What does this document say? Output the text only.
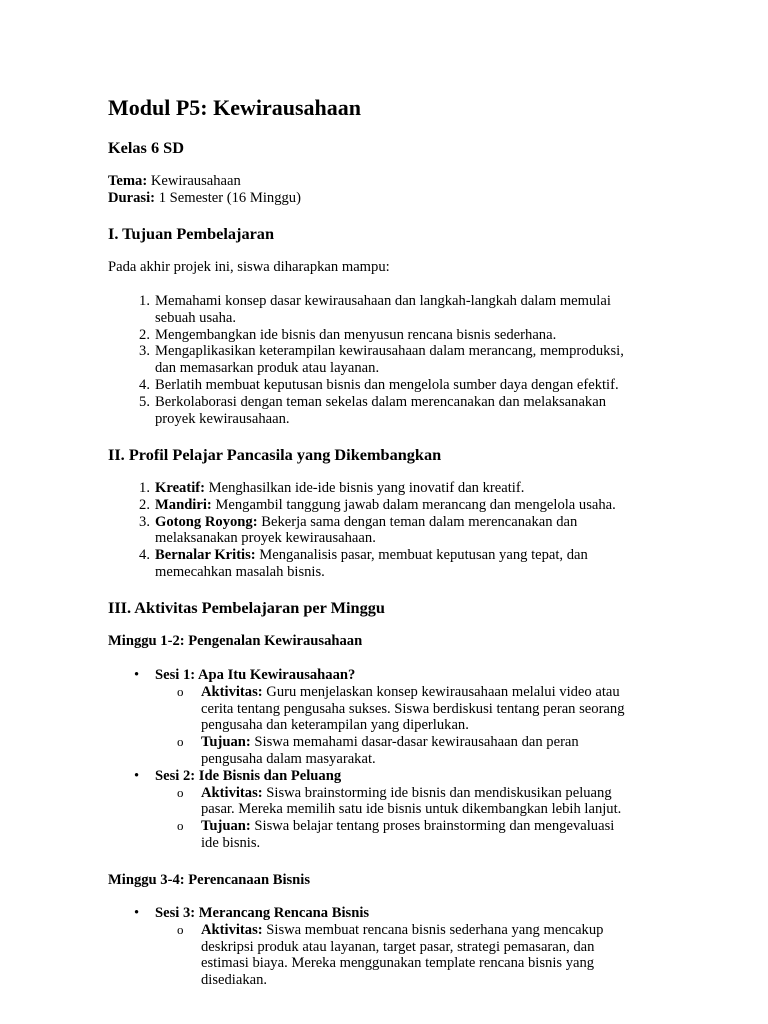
Modul P5: Kewirausahaan
Kelas 6 SD
Tema: Kewirausahaan
Durasi: 1 Semester (16 Minggu)
I. Tujuan Pembelajaran
Pada akhir projek ini, siswa diharapkan mampu:
1. Memahami konsep dasar kewirausahaan dan langkah-langkah dalam memulai
sebuah usaha.
2. Mengembangkan ide bisnis dan menyusun rencana bisnis sederhana.
3. Mengaplikasikan keterampilan kewirausahaan dalam merancang, memproduksi,
dan memasarkan produk atau layanan.
4. Berlatih membuat keputusan bisnis dan mengelola sumber daya dengan efektif.
5. Berkolaborasi dengan teman sekelas dalam merencanakan dan melaksanakan
proyek kewirausahaan.
II. Profil Pelajar Pancasila yang Dikembangkan
1. Kreatif: Menghasilkan ide-ide bisnis yang inovatif dan kreatif.
2. Mandiri: Mengambil tanggung jawab dalam merancang dan mengelola usaha.
3. Gotong Royong: Bekerja sama dengan teman dalam merencanakan dan
melaksanakan proyek kewirausahaan.
4. Bernalar Kritis: Menganalisis pasar, membuat keputusan yang tepat, dan
memecahkan masalah bisnis.
III. Aktivitas Pembelajaran per Minggu
Minggu 1-2: Pengenalan Kewirausahaan
• Sesi 1: Apa Itu Kewirausahaan?
o Aktivitas: Guru menjelaskan konsep kewirausahaan melalui video atau
cerita tentang pengusaha sukses. Siswa berdiskusi tentang peran seorang
pengusaha dan keterampilan yang diperlukan.
o Tujuan: Siswa memahami dasar-dasar kewirausahaan dan peran
pengusaha dalam masyarakat.
• Sesi 2: Ide Bisnis dan Peluang
o Aktivitas: Siswa brainstorming ide bisnis dan mendiskusikan peluang
pasar. Mereka memilih satu ide bisnis untuk dikembangkan lebih lanjut.
o Tujuan: Siswa belajar tentang proses brainstorming dan mengevaluasi
ide bisnis.
Minggu 3-4: Perencanaan Bisnis
• Sesi 3: Merancang Rencana Bisnis
o Aktivitas: Siswa membuat rencana bisnis sederhana yang mencakup
deskripsi produk atau layanan, target pasar, strategi pemasaran, dan
estimasi biaya. Mereka menggunakan template rencana bisnis yang
disediakan.
